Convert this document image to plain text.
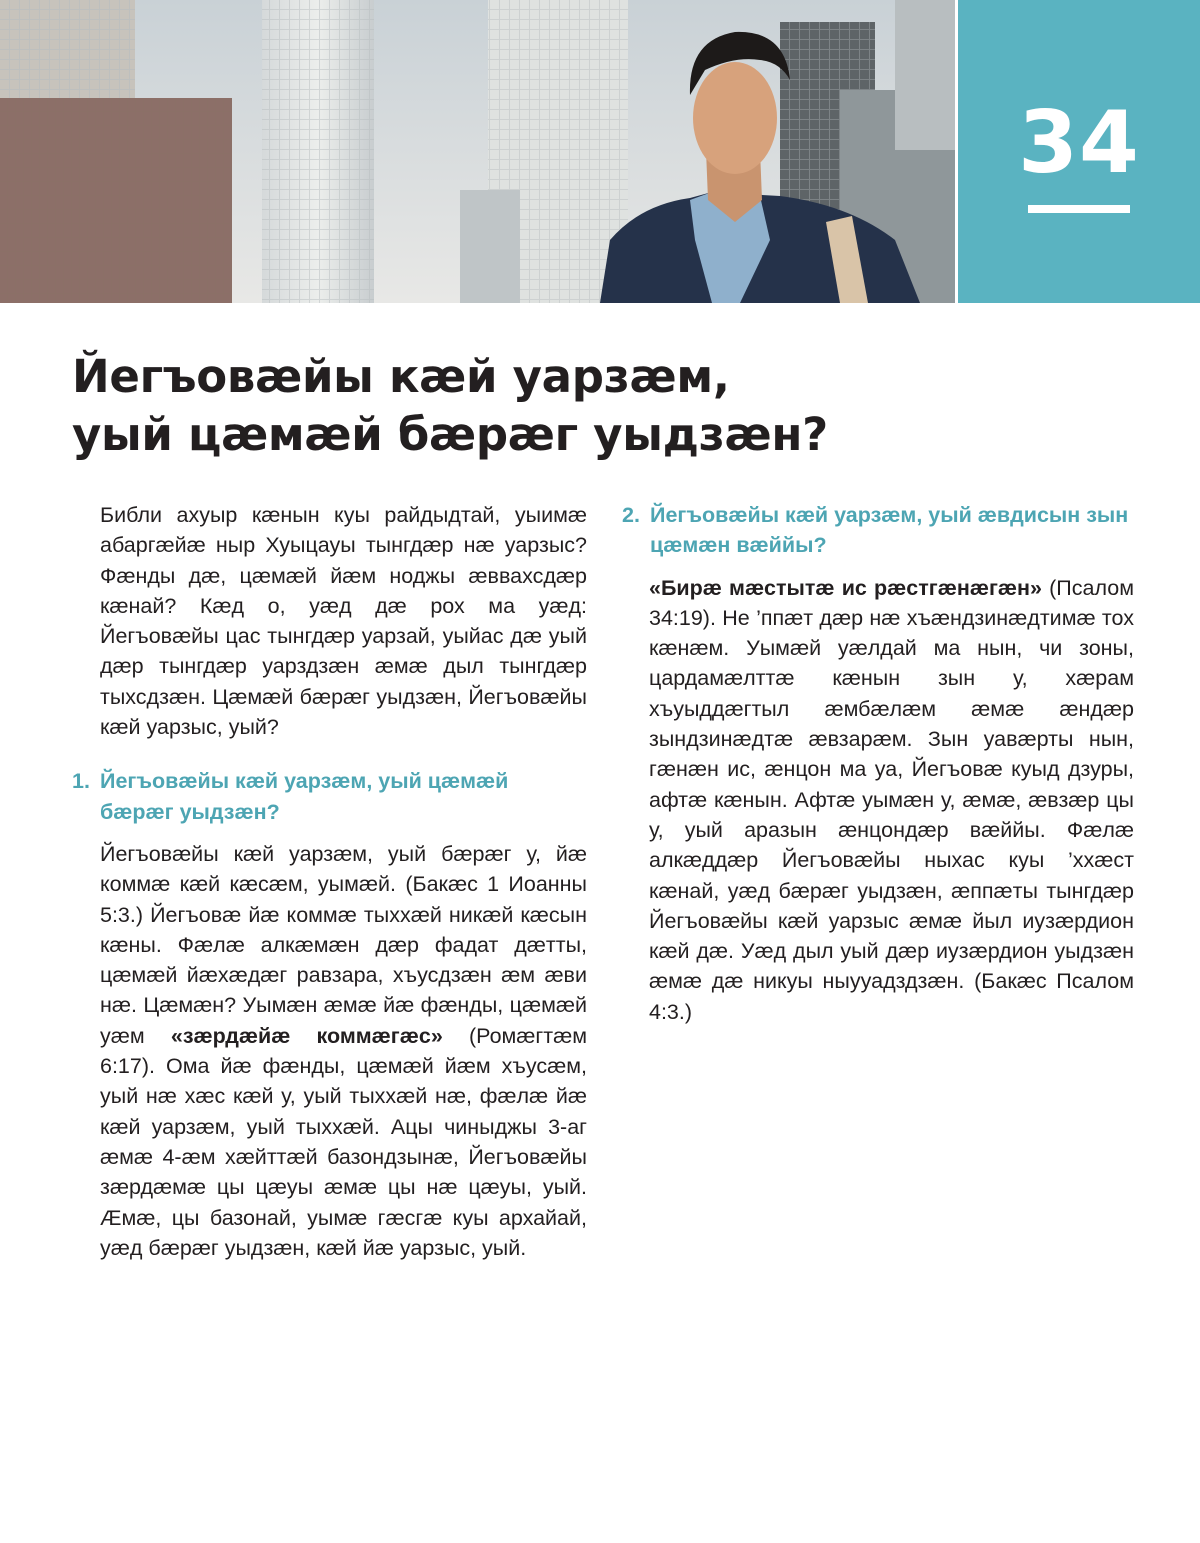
34
Йегъовæйы кæй уарзæм,
уый цæмæй бæрæг уыдзæн?

Библи ахуыр кæнын куы райдыдтай, уыимæ абаргæйæ ныр Хуыцауы тынгдæр нæ уарзыс? Фæнды дæ, цæмæй йæм ноджы æввахсдæр кæнай? Кæд о, уæд дæ рох ма уæд: Йегъовæйы цас тынгдæр уарзай, уыйас дæ уый дæр тынгдæр уарздзæн æмæ дыл тынгдæр тыхсдзæн. Цæмæй бæрæг уыдзæн, Йегъовæйы кæй уарзыс, уый?

1. Йегъовæйы кæй уарзæм, уый цæмæй бæрæг уыдзæн?

Йегъовæйы кæй уарзæм, уый бæрæг у, йæ коммæ кæй кæсæм, уымæй. (Бакæс 1 Иоанны 5:3.) Йегъовæ йæ коммæ тыххæй никæй кæсын кæны. Фæлæ алкæмæн дæр фадат дæтты, цæмæй йæхæдæг равзара, хъусдзæн æм æви нæ. Цæмæн? Уымæн æмæ йæ фæнды, цæмæй уæм «зæрдæйæ коммæгæс» (Ромæгтæм 6:17). Ома йæ фæнды, цæмæй йæм хъусæм, уый нæ хæс кæй у, уый тыххæй нæ, фæлæ йæ кæй уарзæм, уый тыххæй. Ацы чиныджы 3-аг æмæ 4-æм хæйттæй базондзынæ, Йегъовæйы зæрдæмæ цы цæуы æмæ цы нæ цæуы, уый. Æмæ, цы базонай, уымæ гæсгæ куы архайай, уæд бæрæг уыдзæн, кæй йæ уарзыс, уый.

2. Йегъовæйы кæй уарзæм, уый æвдисын зын цæмæн вæййы?

«Бирæ мæстытæ ис рæстгæнæгæн» (Псалом 34:19). Не ’ппæт дæр нæ хъæндзинæдтимæ тох кæнæм. Уымæй уæлдай ма нын, чи зоны, цардамæлттæ кæнын зын у, хæрам хъуыддæгтыл æмбæлæм æмæ æндæр зындзинæдтæ æвзарæм. Зын уавæрты нын, гæнæн ис, æнцон ма уа, Йегъовæ куыд дзуры, афтæ кæнын. Афтæ уымæн у, æмæ, æвзæр цы у, уый аразын æнцондæр вæййы. Фæлæ алкæддæр Йегъовæйы ныхас куы ’ххæст кæнай, уæд бæрæг уыдзæн, æппæты тынгдæр Йегъовæйы кæй уарзыс æмæ йыл иузæрдион кæй дæ. Уæд дыл уый дæр иузæрдион уыдзæн æмæ дæ никуы ныууадздзæн. (Бакæс Псалом 4:3.)
